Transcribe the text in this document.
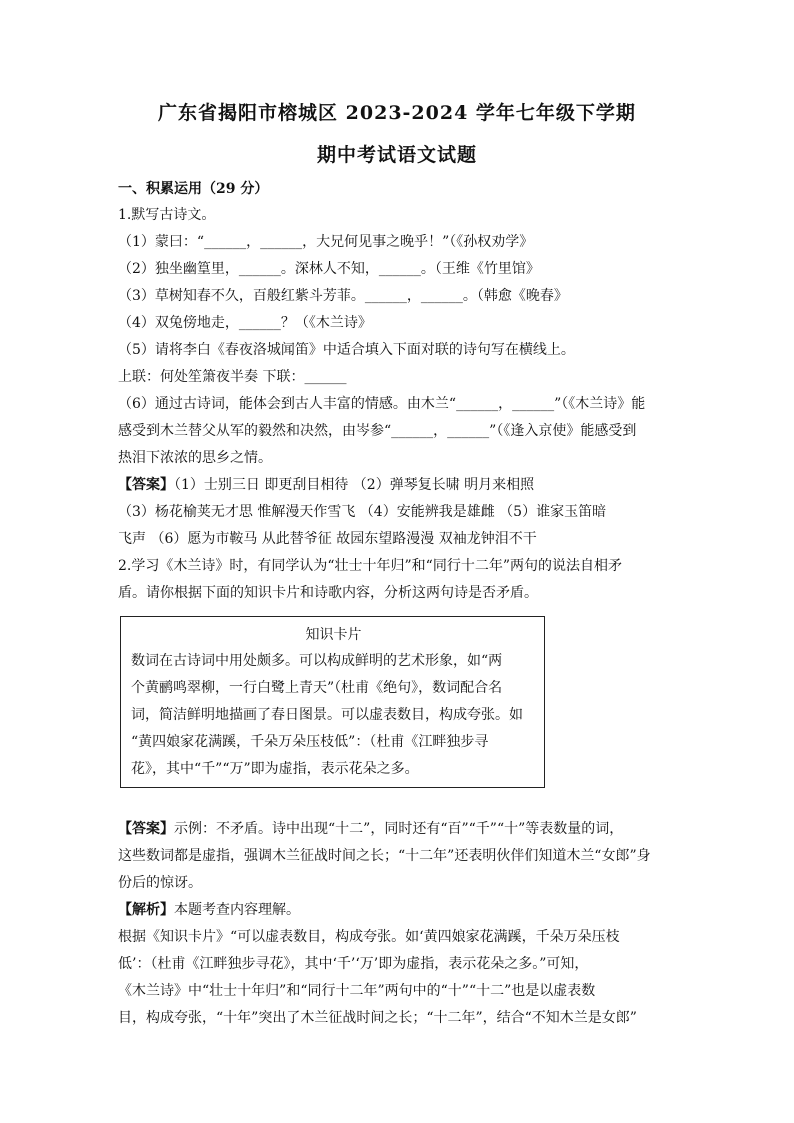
广东省揭阳市榕城区 2023-2024 学年七年级下学期
期中考试语文试题
一、积累运用（29 分）
1.默写古诗文。
（1）蒙曰：“______，______，大兄何见事之晚乎！”（《孙权劝学》
（2）独坐幽篁里，______。深林人不知，______。（王维《竹里馆》
（3）草树知春不久，百般红紫斗芳菲。______，______。（韩愈《晚春》
（4）双兔傍地走，______？（《木兰诗》
（5）请将李白《春夜洛城闻笛》中适合填入下面对联的诗句写在横线上。
上联：何处笙箫夜半奏 下联：______
（6）通过古诗词，能体会到古人丰富的情感。由木兰“______，______”（《木兰诗》能
感受到木兰替父从军的毅然和决然，由岑参“______，______”（《逢入京使》能感受到
热泪下浓浓的思乡之情。
【答案】（1）士别三日 即更刮目相待 （2）弹琴复长啸 明月来相照
（3）杨花榆荚无才思 惟解漫天作雪飞 （4）安能辨我是雄雌 （5）谁家玉笛暗
飞声 （6）愿为市鞍马 从此替爷征 故园东望路漫漫 双袖龙钟泪不干
2.学习《木兰诗》时，有同学认为“壮士十年归”和“同行十二年”两句的说法自相矛
盾。请你根据下面的知识卡片和诗歌内容，分析这两句诗是否矛盾。
知识卡片
数词在古诗词中用处颇多。可以构成鲜明的艺术形象，如“两
个黄鹂鸣翠柳，一行白鹭上青天”（杜甫《绝句》，数词配合名
词，简洁鲜明地描画了春日图景。可以虚表数目，构成夸张。如
“黄四娘家花满蹊，千朵万朵压枝低”：（杜甫《江畔独步寻
花》，其中“千”“万”即为虚指，表示花朵之多。
【答案】示例：不矛盾。诗中出现“十二”，同时还有“百”“千”“十”等表数量的词，
这些数词都是虚指，强调木兰征战时间之长；“十二年”还表明伙伴们知道木兰“女郎”身
份后的惊讶。
【解析】本题考查内容理解。
根据《知识卡片》“可以虚表数目，构成夸张。如‘黄四娘家花满蹊，千朵万朵压枝
低’：（杜甫《江畔独步寻花》，其中‘千’‘万’即为虚指，表示花朵之多。”可知，
《木兰诗》中“壮士十年归”和“同行十二年”两句中的“十”“十二”也是以虚表数
目，构成夸张，“十年”突出了木兰征战时间之长；“十二年”，结合“不知木兰是女郎”
